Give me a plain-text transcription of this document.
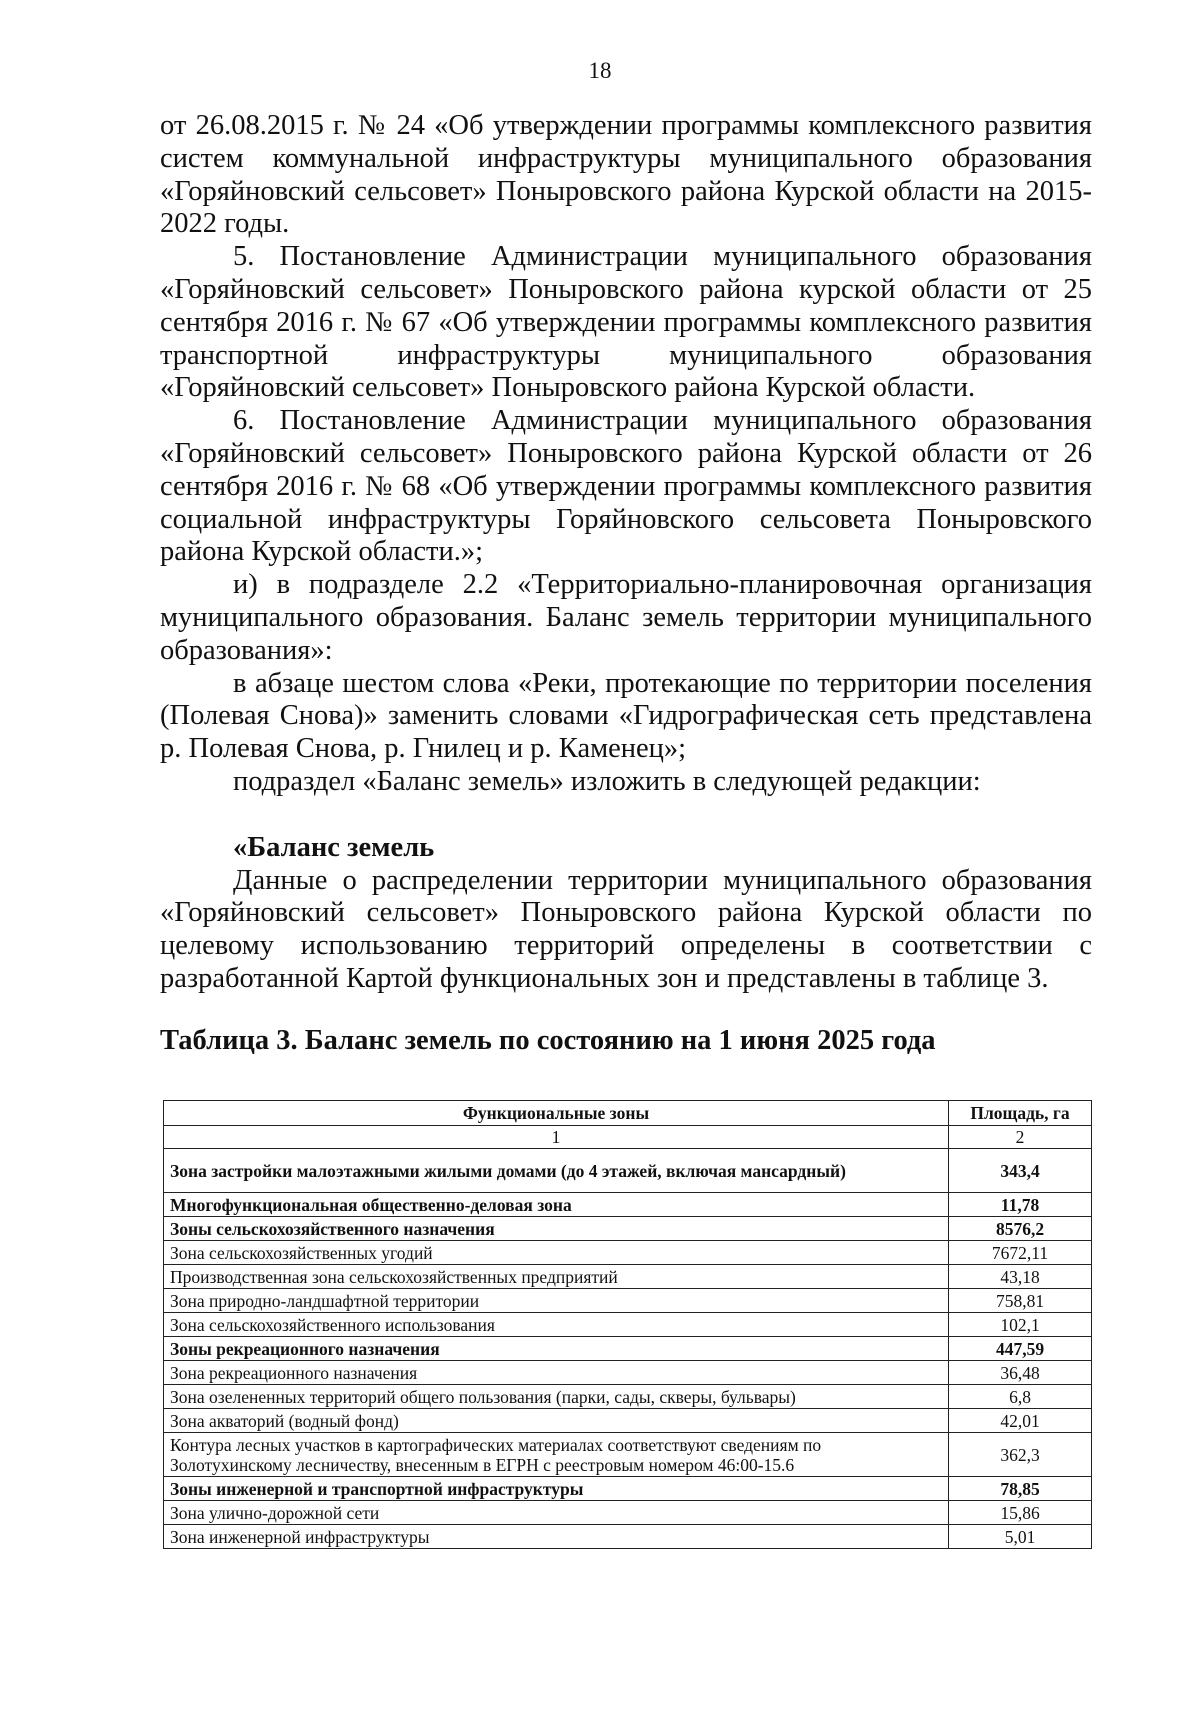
18

от 26.08.2015 г. № 24 «Об утверждении программы комплексного развития систем коммунальной инфраструктуры муниципального образования «Горяйновский сельсовет» Поныровского района Курской области на 2015-2022 годы.

5. Постановление Администрации муниципального образования «Горяйновский сельсовет» Поныровского района курской области от 25 сентября 2016 г. № 67 «Об утверждении программы комплексного развития транспортной инфраструктуры муниципального образования «Горяйновский сельсовет» Поныровского района Курской области.

6. Постановление Администрации муниципального образования «Горяйновский сельсовет» Поныровского района Курской области от 26 сентября 2016 г. № 68 «Об утверждении программы комплексного развития социальной инфраструктуры Горяйновского сельсовета Поныровского района Курской области.»;

и) в подразделе 2.2 «Территориально-планировочная организация муниципального образования. Баланс земель территории муниципального образования»:

в абзаце шестом слова «Реки, протекающие по территории поселения (Полевая Снова)» заменить словами «Гидрографическая сеть представлена р. Полевая Снова, р. Гнилец и р. Каменец»;

подраздел «Баланс земель» изложить в следующей редакции:

«Баланс земель

Данные о распределении территории муниципального образования «Горяйновский сельсовет» Поныровского района Курской области по целевому использованию территорий определены в соответствии с разработанной Картой функциональных зон и представлены в таблице 3.

Таблица 3. Баланс земель по состоянию на 1 июня 2025 года

Функциональные зоны	Площадь, га
1	2
Зона застройки малоэтажными жилыми домами (до 4 этажей, включая мансардный)	343,4
Многофункциональная общественно-деловая зона	11,78
Зоны сельскохозяйственного назначения	8576,2
Зона сельскохозяйственных угодий	7672,11
Производственная зона сельскохозяйственных предприятий	43,18
Зона природно-ландшафтной территории	758,81
Зона сельскохозяйственного использования	102,1
Зоны рекреационного назначения	447,59
Зона рекреационного назначения	36,48
Зона озелененных территорий общего пользования (парки, сады, скверы, бульвары)	6,8
Зона акваторий (водный фонд)	42,01
Контура лесных участков в картографических материалах соответствуют сведениям по Золотухинскому лесничеству, внесенным в ЕГРН с реестровым номером 46:00-15.6	362,3
Зоны инженерной и транспортной инфраструктуры	78,85
Зона улично-дорожной сети	15,86
Зона инженерной инфраструктуры	5,01
